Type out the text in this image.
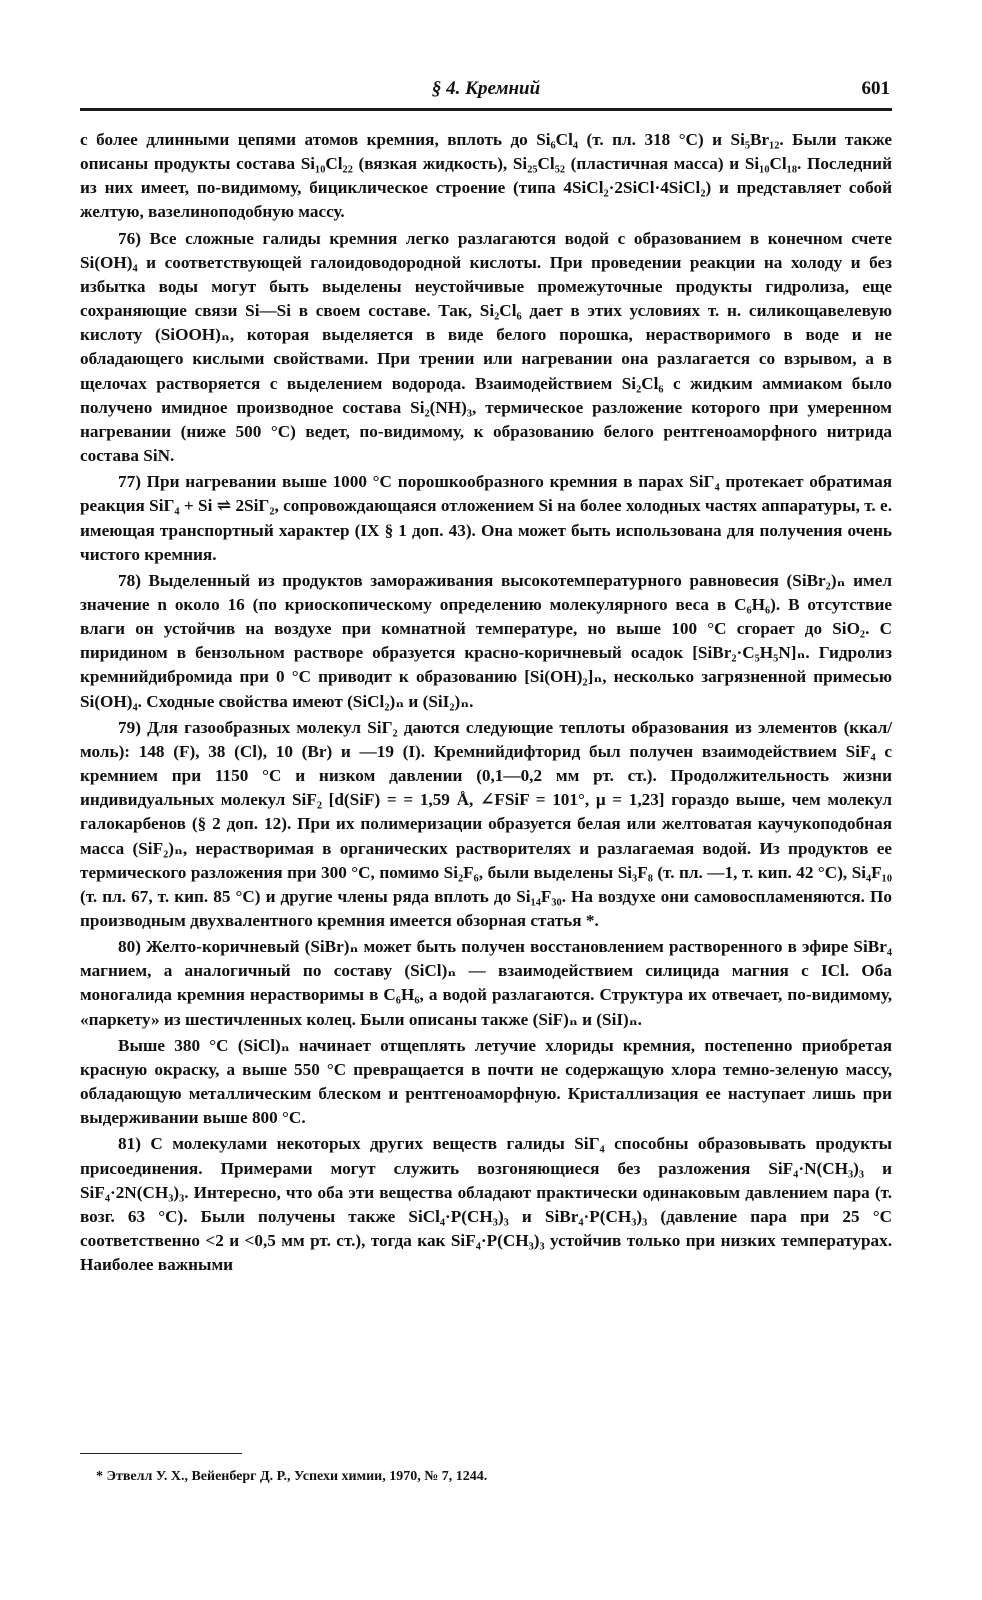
§ 4. Кремний	601

с более длинными цепями атомов кремния, вплоть до Si₆Cl₄ (т. пл. 318 °C) и Si₅Br₁₂. Были также описаны продукты состава Si₁₀Cl₂₂ (вязкая жидкость), Si₂₅Cl₅₂ (пластичная масса) и Si₁₀Cl₁₈. Последний из них имеет, по-видимому, бициклическое строение (типа 4SiCl₂·2SiCl·4SiCl₂) и представляет собой желтую, вазелиноподобную массу.

76) Все сложные галиды кремния легко разлагаются водой с образованием в конечном счете Si(OH)₄ и соответствующей галоидоводородной кислоты. При проведении реакции на холоду и без избытка воды могут быть выделены неустойчивые промежуточные продукты гидролиза, еще сохраняющие связи Si—Si в своем составе. Так, Si₂Cl₆ дает в этих условиях т. н. силикощавелевую кислоту (SiOOH)ₙ, которая выделяется в виде белого порошка, нерастворимого в воде и не обладающего кислыми свойствами. При трении или нагревании она разлагается со взрывом, а в щелочах растворяется с выделением водорода. Взаимодействием Si₂Cl₆ с жидким аммиаком было получено имидное производное состава Si₂(NH)₃, термическое разложение которого при умеренном нагревании (ниже 500 °C) ведет, по-видимому, к образованию белого рентгеноаморфного нитрида состава SiN.

77) При нагревании выше 1000 °C порошкообразного кремния в парах SiГ₄ протекает обратимая реакция SiГ₄ + Si ⇌ 2SiГ₂, сопровождающаяся отложением Si на более холодных частях аппаратуры, т. е. имеющая транспортный характер (IX § 1 доп. 43). Она может быть использована для получения очень чистого кремния.

78) Выделенный из продуктов замораживания высокотемпературного равновесия (SiBr₂)ₙ имел значение n около 16 (по криоскопическому определению молекулярного веса в C₆H₆). В отсутствие влаги он устойчив на воздухе при комнатной температуре, но выше 100 °C сгорает до SiO₂. С пиридином в бензольном растворе образуется красно-коричневый осадок [SiBr₂·C₅H₅N]ₙ. Гидролиз кремнийдибромида при 0 °C приводит к образованию [Si(OH)₂]ₙ, несколько загрязненной примесью Si(OH)₄. Сходные свойства имеют (SiCl₂)ₙ и (SiI₂)ₙ.

79) Для газообразных молекул SiГ₂ даются следующие теплоты образования из элементов (ккал/моль): 148 (F), 38 (Cl), 10 (Br) и —19 (I). Кремнийдифторид был получен взаимодействием SiF₄ с кремнием при 1150 °C и низком давлении (0,1—0,2 мм рт. ст.). Продолжительность жизни индивидуальных молекул SiF₂ [d(SiF) = = 1,59 Å, ∠FSiF = 101°, μ = 1,23] гораздо выше, чем молекул галокарбенов (§ 2 доп. 12). При их полимеризации образуется белая или желтоватая каучукоподобная масса (SiF₂)ₙ, нерастворимая в органических растворителях и разлагаемая водой. Из продуктов ее термического разложения при 300 °C, помимо Si₂F₆, были выделены Si₃F₈ (т. пл. —1, т. кип. 42 °C), Si₄F₁₀ (т. пл. 67, т. кип. 85 °C) и другие члены ряда вплоть до Si₁₄F₃₀. На воздухе они самовоспламеняются. По производным двухвалентного кремния имеется обзорная статья *.

80) Желто-коричневый (SiBr)ₙ может быть получен восстановлением растворенного в эфире SiBr₄ магнием, а аналогичный по составу (SiCl)ₙ — взаимодействием силицида магния с ICl. Оба моногалида кремния нерастворимы в C₆H₆, а водой разлагаются. Структура их отвечает, по-видимому, «паркету» из шестичленных колец. Были описаны также (SiF)ₙ и (SiI)ₙ.

Выше 380 °C (SiCl)ₙ начинает отщеплять летучие хлориды кремния, постепенно приобретая красную окраску, а выше 550 °C превращается в почти не содержащую хлора темно-зеленую массу, обладающую металлическим блеском и рентгеноаморфную. Кристаллизация ее наступает лишь при выдерживании выше 800 °C.

81) С молекулами некоторых других веществ галиды SiГ₄ способны образовывать продукты присоединения. Примерами могут служить возгоняющиеся без разложения SiF₄·N(CH₃)₃ и SiF₄·2N(CH₃)₃. Интересно, что оба эти вещества обладают практически одинаковым давлением пара (т. возг. 63 °C). Были получены также SiCl₄·P(CH₃)₃ и SiBr₄·P(CH₃)₃ (давление пара при 25 °C соответственно <2 и <0,5 мм рт. ст.), тогда как SiF₄·P(CH₃)₃ устойчив только при низких температурах. Наиболее важными

* Этвелл У. Х., Вейенберг Д. Р., Успехи химии, 1970, № 7, 1244.
